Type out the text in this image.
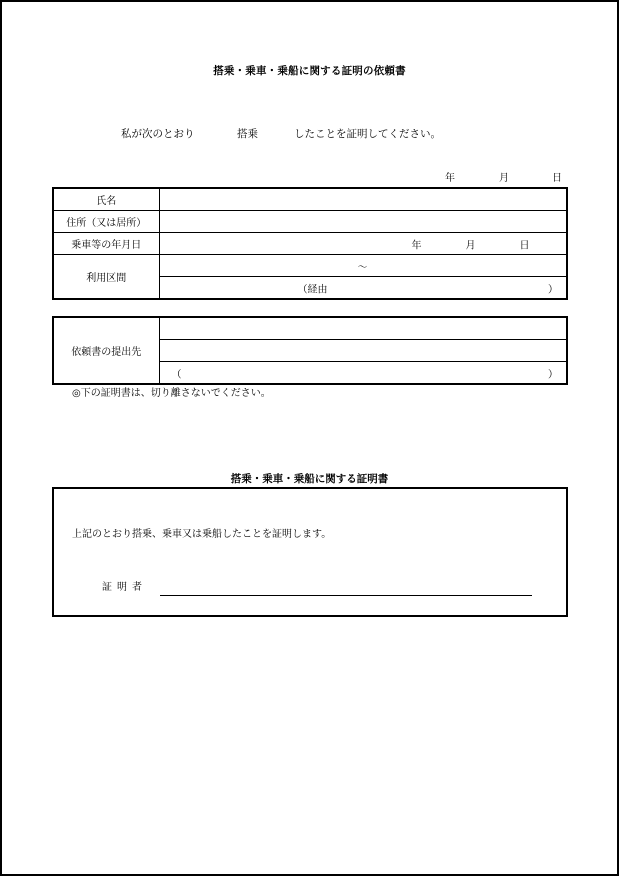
搭乗・乗車・乗船に関する証明の依頼書
私が次のとおり	搭乗	したことを証明してください。
年	月	日
氏名	
住所（又は居所）	
乗車等の年月日	年 月 日

利用区間	～

	（経由 ）
依頼書の提出先	

（	）
◎下の証明書は、切り離さないでください。
搭乗・乗車・乗船に関する証明書
上記のとおり搭乗、乗車又は乗船したことを証明します。
証明者
